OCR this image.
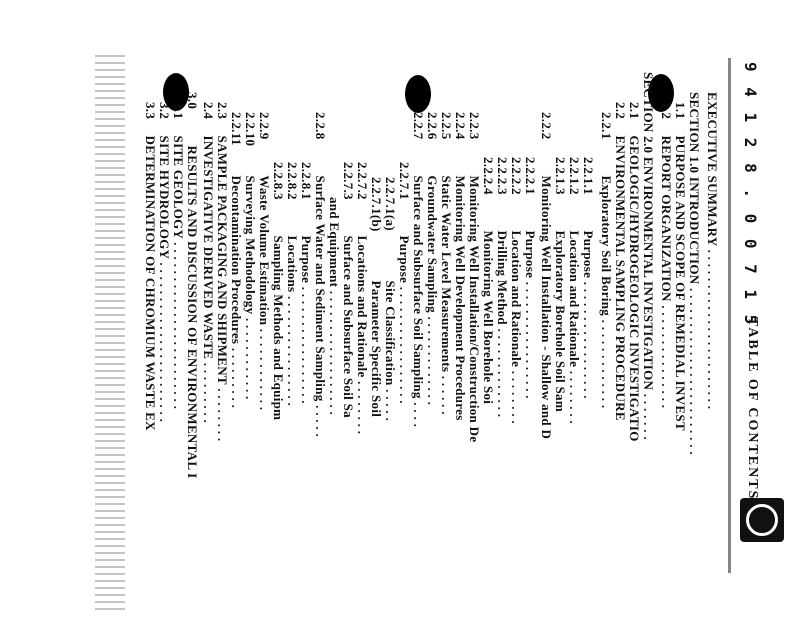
9 4 1 2 8 . 0 0 7 1 5
TABLE OF CONTENTS
EXECUTIVE SUMMARY . . . . . . . . . . . . . . . . . . . . . . .
SECTION 1.0 INTRODUCTION . . . . . . . . . . . . . . . . . . . . . . . .
1.1 PURPOSE AND SCOPE OF REMEDIAL INVEST
1.2 REPORT ORGANIZATION . . . . . . . . . . . . . . .
SECTION 2.0 ENVIRONMENTAL INVESTIGATION . . . . . . .
2.1 GEOLOGIC/HYDROGEOLOGIC INVESTIGATIO
2.2 ENVIRONMENTAL SAMPLING PROCEDURE
2.2.1 Exploratory Soil Boring . . . . . . . . . . . . .
2.2.1.1 Purpose . . . . . . . . . . . . . . . . .
2.2.1.2 Location and Rationale . . . . . . . .
2.2.1.3 Exploratory Borehole Soil Sam
2.2.2 Monitoring Well Installation - Shallow and D
2.2.2.1 Purpose . . . . . . . . . . . . . . . . .
2.2.2.2 Location and Rationale . . . . . . . .
2.2.2.3 Drilling Method . . . . . . . . . . . . .
2.2.2.4 Monitoring Well Borehole Soi
2.2.3 Monitoring Well Installation/Construction De
2.2.4 Monitoring Well Development Procedures
2.2.5 Static Water Level Measurements . . . . . .
2.2.6 Groundwater Sampling . . . . . . . . . . . . .
2.2.7 Surface and Subsurface Soil Sampling . . . .
2.2.7.1 Purpose . . . . . . . . . . . . . . . . .
2.2.7.1(a) Site Classification . . . . .
2.2.7.1(b) Parameter Specific Soil
2.2.7.2 Locations and Rationale . . . . . . . .
2.2.7.3 Surface and Subsurface Soil Sa
and Equipment . . . . . . . . . . . . . . . . . .
2.2.8 Surface Water and Sediment Sampling . . . . .
2.2.8.1 Purpose . . . . . . . . . . . . . . . . .
2.2.8.2 Locations . . . . . . . . . . . . . . . .
2.2.8.3 Sampling Methods and Equipm
2.2.9 Waste Volume Estimation . . . . . . . . . . . .
2.2.10 Surveying Methodology . . . . . . . . . . . .
2.2.11 Decontamination Procedures . . . . . . . . .
2.3 SAMPLE PACKAGING AND SHIPMENT . . . . . . . .
2.4 INVESTIGATIVE DERIVED WASTE . . . . . . . . .
3.0 RESULTS AND DISCUSSION OF ENVIRONMENTAL I
3.1 SITE GEOLOGY . . . . . . . . . . . . . . . . . . . . . . . .
3.2 SITE HYDROLOGY . . . . . . . . . . . . . . . . . . . . . . .
3.3 DETERMINATION OF CHROMIUM WASTE EX
